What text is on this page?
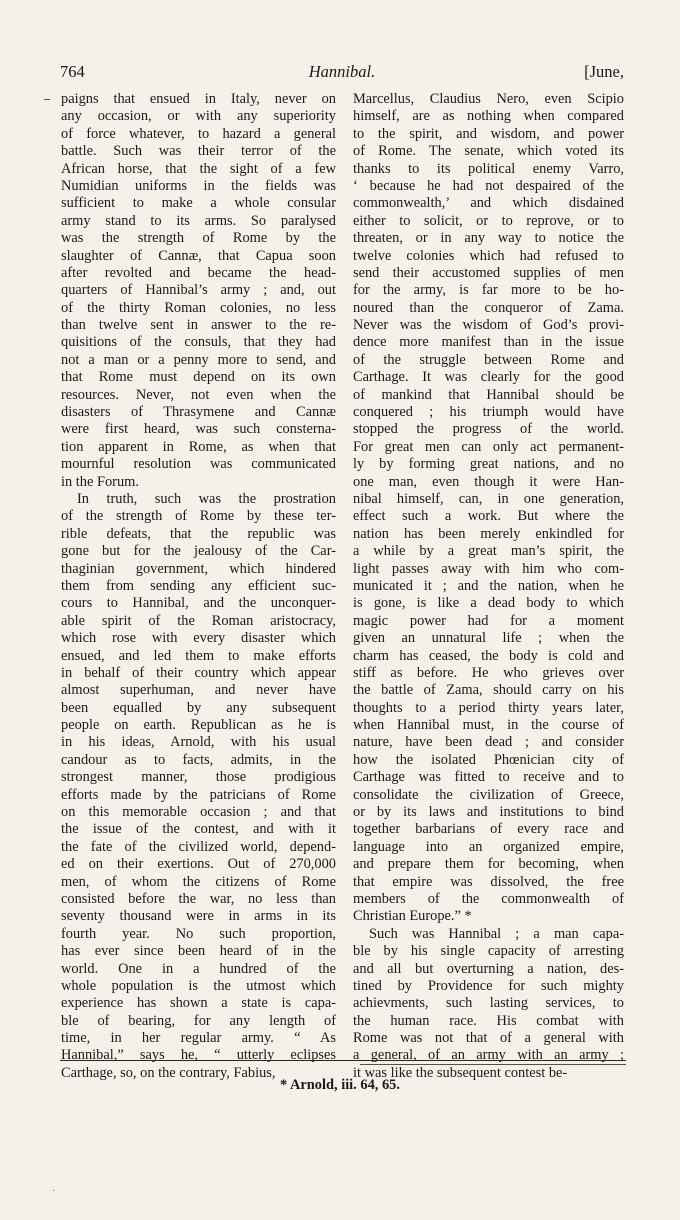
764	Hannibal.	[June,
paigns that ensued in Italy, never on
any occasion, or with any superiority
of force whatever, to hazard a general
battle. Such was their terror of the
African horse, that the sight of a few
Numidian uniforms in the fields was
sufficient to make a whole consular
army stand to its arms. So paralysed
was the strength of Rome by the
slaughter of Cannæ, that Capua soon
after revolted and became the head-
quarters of Hannibal’s army ; and, out
of the thirty Roman colonies, no less
than twelve sent in answer to the re-
quisitions of the consuls, that they had
not a man or a penny more to send, and
that Rome must depend on its own
resources. Never, not even when the
disasters of Thrasymene and Cannæ
were first heard, was such consterna-
tion apparent in Rome, as when that
mournful resolution was communicated
in the Forum.
In truth, such was the prostration
of the strength of Rome by these ter-
rible defeats, that the republic was
gone but for the jealousy of the Car-
thaginian government, which hindered
them from sending any efficient suc-
cours to Hannibal, and the unconquer-
able spirit of the Roman aristocracy,
which rose with every disaster which
ensued, and led them to make efforts
in behalf of their country which appear
almost superhuman, and never have
been equalled by any subsequent
people on earth. Republican as he is
in his ideas, Arnold, with his usual
candour as to facts, admits, in the
strongest manner, those prodigious
efforts made by the patricians of Rome
on this memorable occasion ; and that
the issue of the contest, and with it
the fate of the civilized world, depend-
ed on their exertions. Out of 270,000
men, of whom the citizens of Rome
consisted before the war, no less than
seventy thousand were in arms in its
fourth year. No such proportion,
has ever since been heard of in the
world. One in a hundred of the
whole population is the utmost which
experience has shown a state is capa-
ble of bearing, for any length of
time, in her regular army. “ As
Hannibal,” says he, “ utterly eclipses
Carthage, so, on the contrary, Fabius,
Marcellus, Claudius Nero, even Scipio
himself, are as nothing when compared
to the spirit, and wisdom, and power
of Rome. The senate, which voted its
thanks to its political enemy Varro,
‘ because he had not despaired of the
commonwealth,’ and which disdained
either to solicit, or to reprove, or to
threaten, or in any way to notice the
twelve colonies which had refused to
send their accustomed supplies of men
for the army, is far more to be ho-
noured than the conqueror of Zama.
Never was the wisdom of God’s provi-
dence more manifest than in the issue
of the struggle between Rome and
Carthage. It was clearly for the good
of mankind that Hannibal should be
conquered ; his triumph would have
stopped the progress of the world.
For great men can only act permanent-
ly by forming great nations, and no
one man, even though it were Han-
nibal himself, can, in one generation,
effect such a work. But where the
nation has been merely enkindled for
a while by a great man’s spirit, the
light passes away with him who com-
municated it ; and the nation, when he
is gone, is like a dead body to which
magic power had for a moment
given an unnatural life ; when the
charm has ceased, the body is cold and
stiff as before. He who grieves over
the battle of Zama, should carry on his
thoughts to a period thirty years later,
when Hannibal must, in the course of
nature, have been dead ; and consider
how the isolated Phœnician city of
Carthage was fitted to receive and to
consolidate the civilization of Greece,
or by its laws and institutions to bind
together barbarians of every race and
language into an organized empire,
and prepare them for becoming, when
that empire was dissolved, the free
members of the commonwealth of
Christian Europe.” *
Such was Hannibal ; a man capa-
ble by his single capacity of arresting
and all but overturning a nation, des-
tined by Providence for such mighty
achievments, such lasting services, to
the human race. His combat with
Rome was not that of a general with
a general, of an army with an army ;
it was like the subsequent contest be-
* Arnold, iii. 64, 65.
·
